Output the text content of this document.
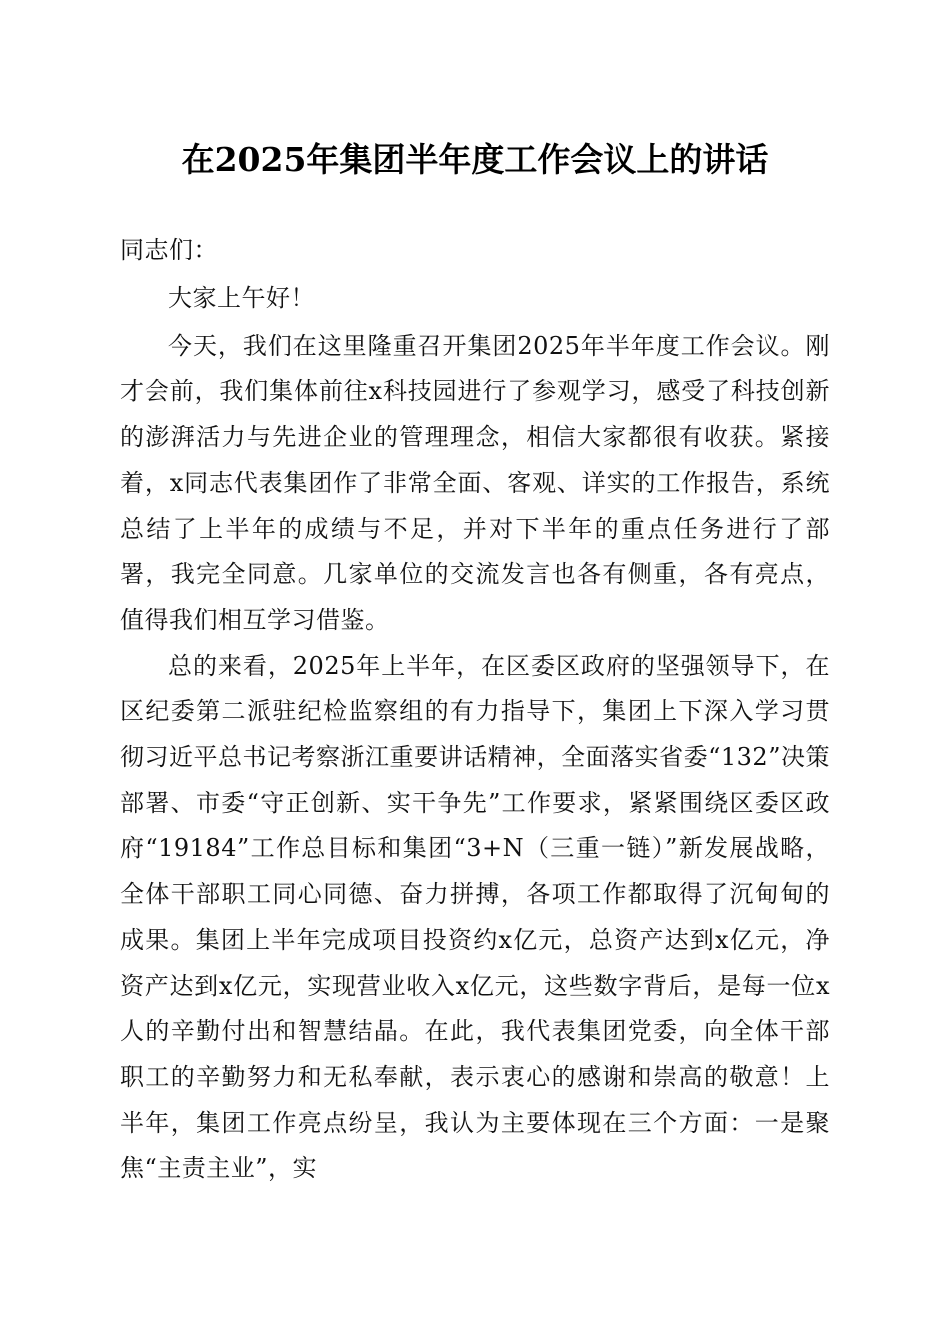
在2025年集团半年度工作会议上的讲话

同志们：

大家上午好！

今天，我们在这里隆重召开集团2025年半年度工作会议。刚才会前，我们集体前往x科技园进行了参观学习，感受了科技创新的澎湃活力与先进企业的管理理念，相信大家都很有收获。紧接着，x同志代表集团作了非常全面、客观、详实的工作报告，系统总结了上半年的成绩与不足，并对下半年的重点任务进行了部署，我完全同意。几家单位的交流发言也各有侧重，各有亮点，值得我们相互学习借鉴。

总的来看，2025年上半年，在区委区政府的坚强领导下，在区纪委第二派驻纪检监察组的有力指导下，集团上下深入学习贯彻习近平总书记考察浙江重要讲话精神，全面落实省委“132”决策部署、市委“守正创新、实干争先”工作要求，紧紧围绕区委区政府“19184”工作总目标和集团“3+N（三重一链）”新发展战略，全体干部职工同心同德、奋力拼搏，各项工作都取得了沉甸甸的成果。集团上半年完成项目投资约x亿元，总资产达到x亿元，净资产达到x亿元，实现营业收入x亿元，这些数字背后，是每一位x人的辛勤付出和智慧结晶。在此，我代表集团党委，向全体干部职工的辛勤努力和无私奉献，表示衷心的感谢和崇高的敬意！上半年，集团工作亮点纷呈，我认为主要体现在三个方面：一是聚焦“主责主业”，实
